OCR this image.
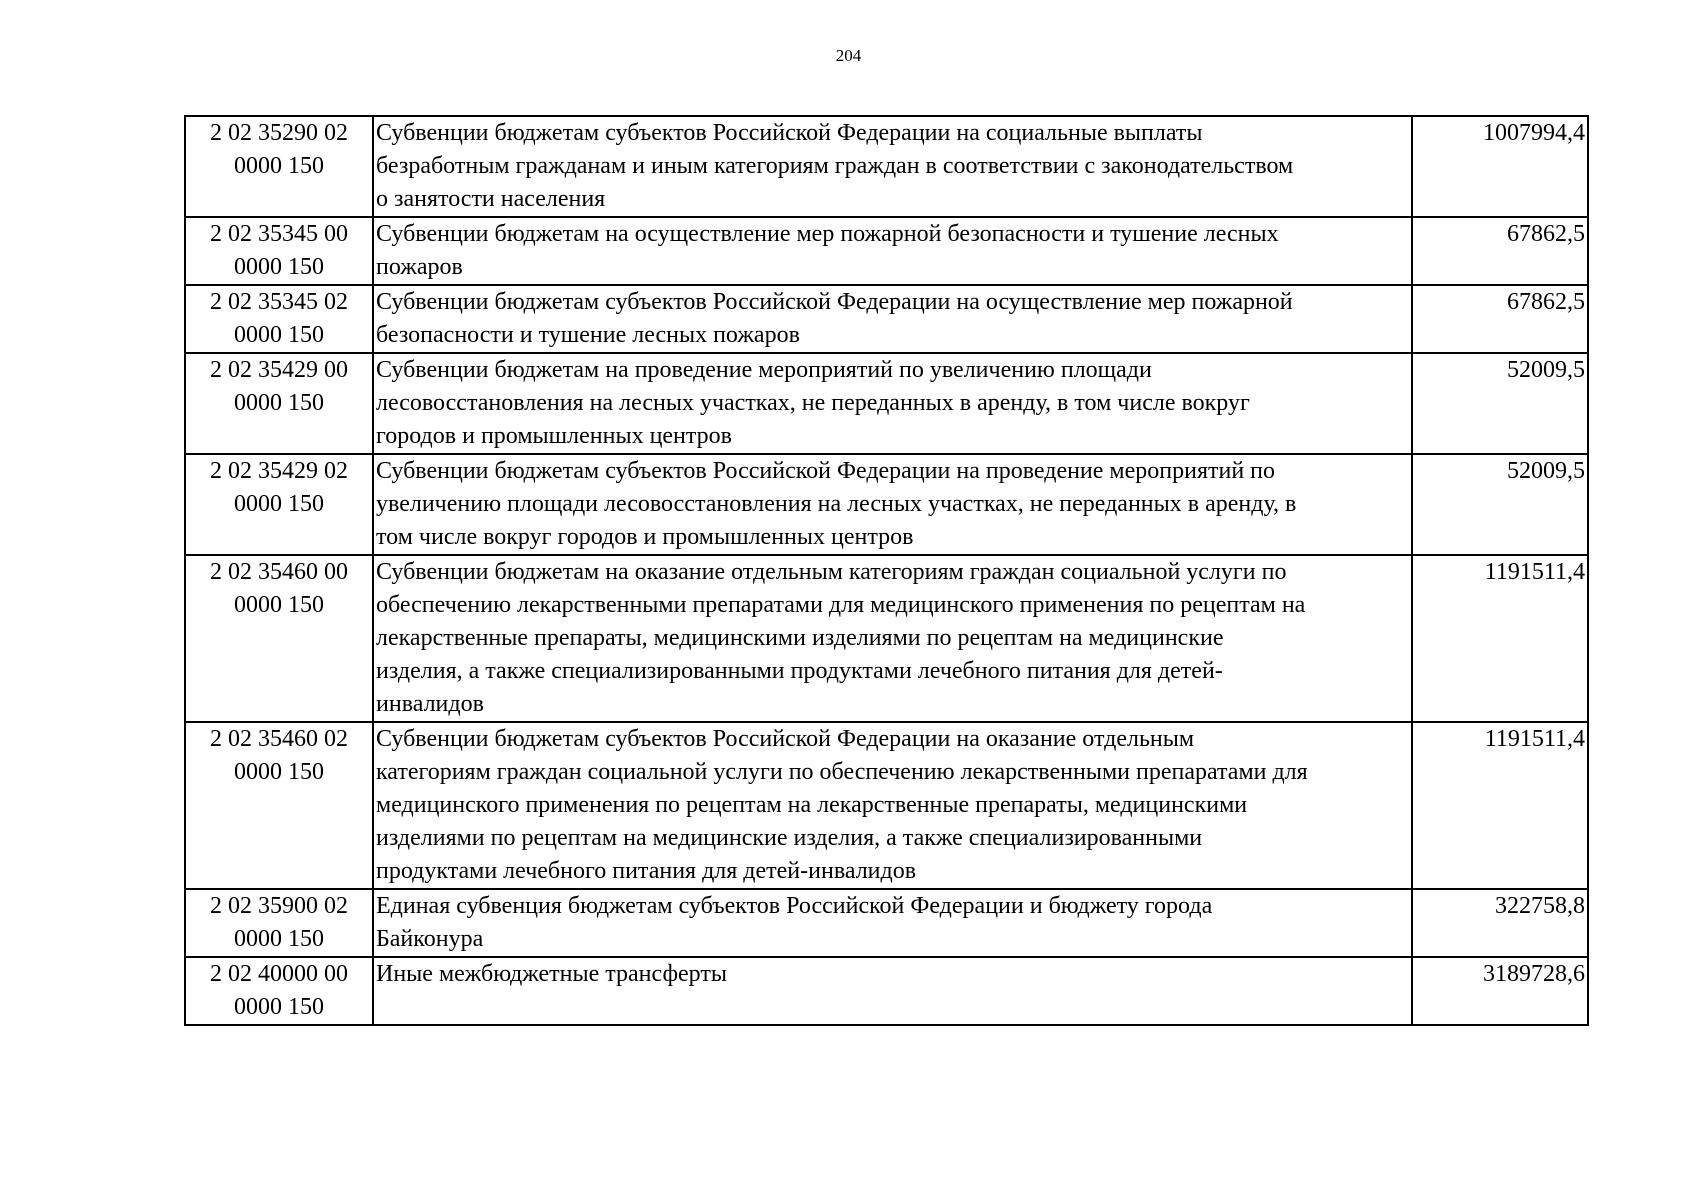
204
2 02 35290 02
0000 150	Субвенции бюджетам субъектов Российской Федерации на социальные выплаты
безработным гражданам и иным категориям граждан в соответствии с законодательством
о занятости населения	1007994,4

2 02 35345 00
0000 150	Субвенции бюджетам на осуществление мер пожарной безопасности и тушение лесных
пожаров	67862,5

2 02 35345 02
0000 150	Субвенции бюджетам субъектов Российской Федерации на осуществление мер пожарной
безопасности и тушение лесных пожаров	67862,5

2 02 35429 00
0000 150	Субвенции бюджетам на проведение мероприятий по увеличению площади
лесовосстановления на лесных участках, не переданных в аренду, в том числе вокруг
городов и промышленных центров	52009,5

2 02 35429 02
0000 150	Субвенции бюджетам субъектов Российской Федерации на проведение мероприятий по
увеличению площади лесовосстановления на лесных участках, не переданных в аренду, в
том числе вокруг городов и промышленных центров	52009,5

2 02 35460 00
0000 150	Субвенции бюджетам на оказание отдельным категориям граждан социальной услуги по
обеспечению лекарственными препаратами для медицинского применения по рецептам на
лекарственные препараты, медицинскими изделиями по рецептам на медицинские
изделия, а также специализированными продуктами лечебного питания для детей-
инвалидов	1191511,4

2 02 35460 02
0000 150	Субвенции бюджетам субъектов Российской Федерации на оказание отдельным
категориям граждан социальной услуги по обеспечению лекарственными препаратами для
медицинского применения по рецептам на лекарственные препараты, медицинскими
изделиями по рецептам на медицинские изделия, а также специализированными
продуктами лечебного питания для детей-инвалидов	1191511,4

2 02 35900 02
0000 150	Единая субвенция бюджетам субъектов Российской Федерации и бюджету города
Байконура	322758,8

2 02 40000 00
0000 150	Иные межбюджетные трансферты	3189728,6
